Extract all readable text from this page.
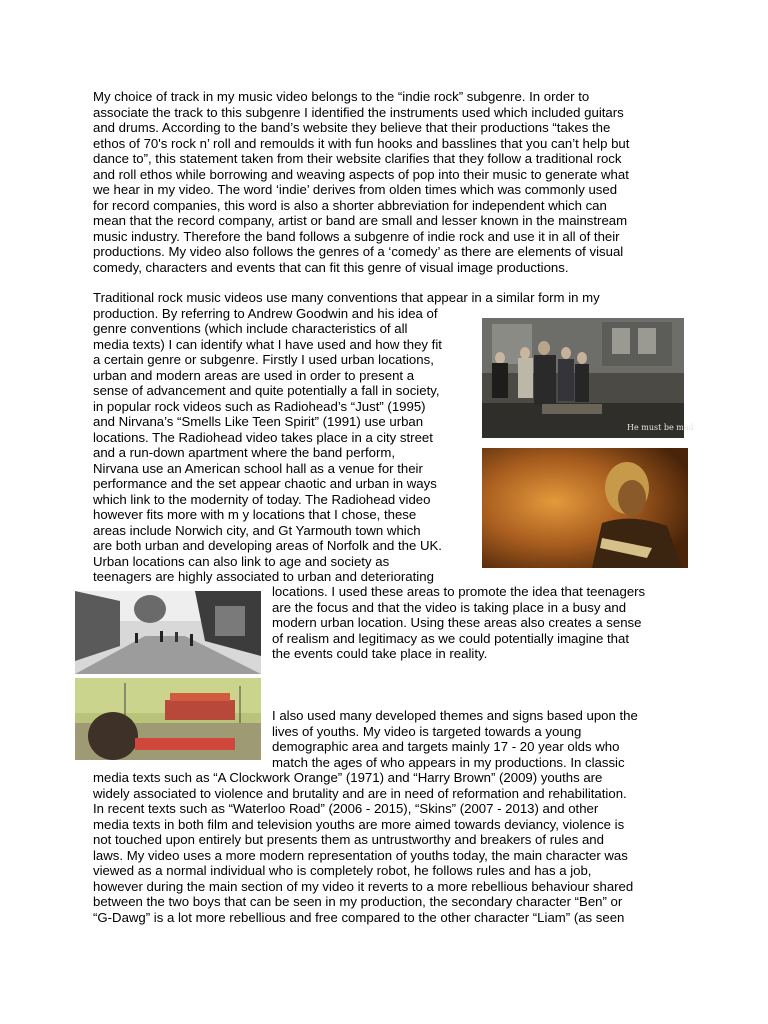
My choice of track in my music video belongs to the “indie rock” subgenre. In order to
associate the track to this subgenre I identified the instruments used which included guitars
and drums. According to the band’s website they believe that their productions “takes the
ethos of 70's rock n’ roll and remoulds it with fun hooks and basslines that you can’t help but
dance to”, this statement taken from their website clarifies that they follow a traditional rock
and roll ethos while borrowing and weaving aspects of pop into their music to generate what
we hear in my video. The word ‘indie’ derives from olden times which was commonly used
for record companies, this word is also a shorter abbreviation for independent which can
mean that the record company, artist or band are small and lesser known in the mainstream
music industry. Therefore the band follows a subgenre of indie rock and use it in all of their
productions. My video also follows the genres of a ‘comedy’ as there are elements of visual
comedy, characters and events that can fit this genre of visual image productions.
Traditional rock music videos use many conventions that appear in a similar form in my
production. By referring to Andrew Goodwin and his idea of
genre conventions (which include characteristics of all
media texts) I can identify what I have used and how they fit
a certain genre or subgenre. Firstly I used urban locations,
urban and modern areas are used in order to present a
sense of advancement and quite potentially a fall in society,
in popular rock videos such as Radiohead’s “Just” (1995)
and Nirvana’s “Smells Like Teen Spirit” (1991) use urban
locations. The Radiohead video takes place in a city street
and a run-down apartment where the band perform,
Nirvana use an American school hall as a venue for their
performance and the set appear chaotic and urban in ways
which link to the modernity of today. The Radiohead video
however fits more with m y locations that I chose, these
areas include Norwich city, and Gt Yarmouth town which
are both urban and developing areas of Norfolk and the UK.
Urban locations can also link to age and society as
teenagers are highly associated to urban and deteriorating
locations. I used these areas to promote the idea that teenagers
are the focus and that the video is taking place in a busy and
modern urban location. Using these areas also creates a sense
of realism and legitimacy as we could potentially imagine that
the events could take place in reality.
I also used many developed themes and signs based upon the
lives of youths. My video is targeted towards a young
demographic area and targets mainly 17 - 20 year olds who
match the ages of who appears in my productions. In classic
media texts such as “A Clockwork Orange” (1971) and “Harry Brown” (2009) youths are
widely associated to violence and brutality and are in need of reformation and rehabilitation.
In recent texts such as “Waterloo Road” (2006 - 2015), “Skins” (2007 - 2013) and other
media texts in both film and television youths are more aimed towards deviancy, violence is
not touched upon entirely but presents them as untrustworthy and breakers of rules and
laws. My video uses a more modern representation of youths today, the main character was
viewed as a normal individual who is completely robot, he follows rules and has a job,
however during the main section of my video it reverts to a more rebellious behaviour shared
between the two boys that can be seen in my production, the secondary character “Ben” or
“G-Dawg” is a lot more rebellious and free compared to the other character “Liam” (as seen
He must be mad
